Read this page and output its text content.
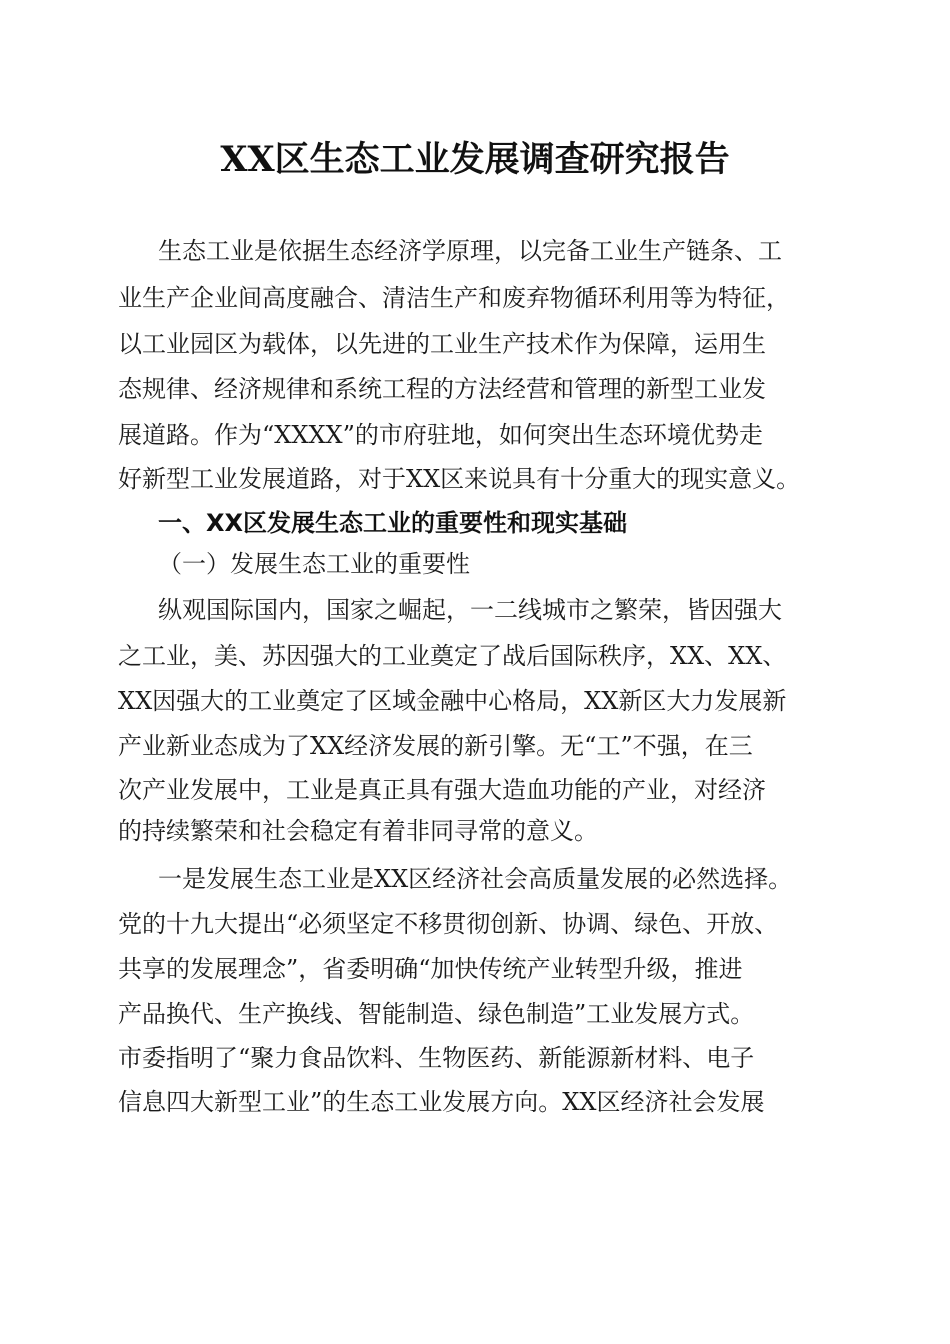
XX区生态工业发展调查研究报告

生态工业是依据生态经济学原理，以完备工业生产链条、工

业生产企业间高度融合、清洁生产和废弃物循环利用等为特征，

以工业园区为载体，以先进的工业生产技术作为保障，运用生

态规律、经济规律和系统工程的方法经营和管理的新型工业发

展道路。作为“XXXX”的市府驻地，如何突出生态环境优势走

好新型工业发展道路，对于XX区来说具有十分重大的现实意义。

一、XX区发展生态工业的重要性和现实基础

（一）发展生态工业的重要性

纵观国际国内，国家之崛起，一二线城市之繁荣，皆因强大

之工业，美、苏因强大的工业奠定了战后国际秩序，XX、XX、

XX因强大的工业奠定了区域金融中心格局，XX新区大力发展新

产业新业态成为了XX经济发展的新引擎。无“工”不强，在三

次产业发展中，工业是真正具有强大造血功能的产业，对经济

的持续繁荣和社会稳定有着非同寻常的意义。

一是发展生态工业是XX区经济社会高质量发展的必然选择。

党的十九大提出“必须坚定不移贯彻创新、协调、绿色、开放、

共享的发展理念”，省委明确“加快传统产业转型升级，推进

产品换代、生产换线、智能制造、绿色制造”工业发展方式。

市委指明了“聚力食品饮料、生物医药、新能源新材料、电子

信息四大新型工业”的生态工业发展方向。XX区经济社会发展
